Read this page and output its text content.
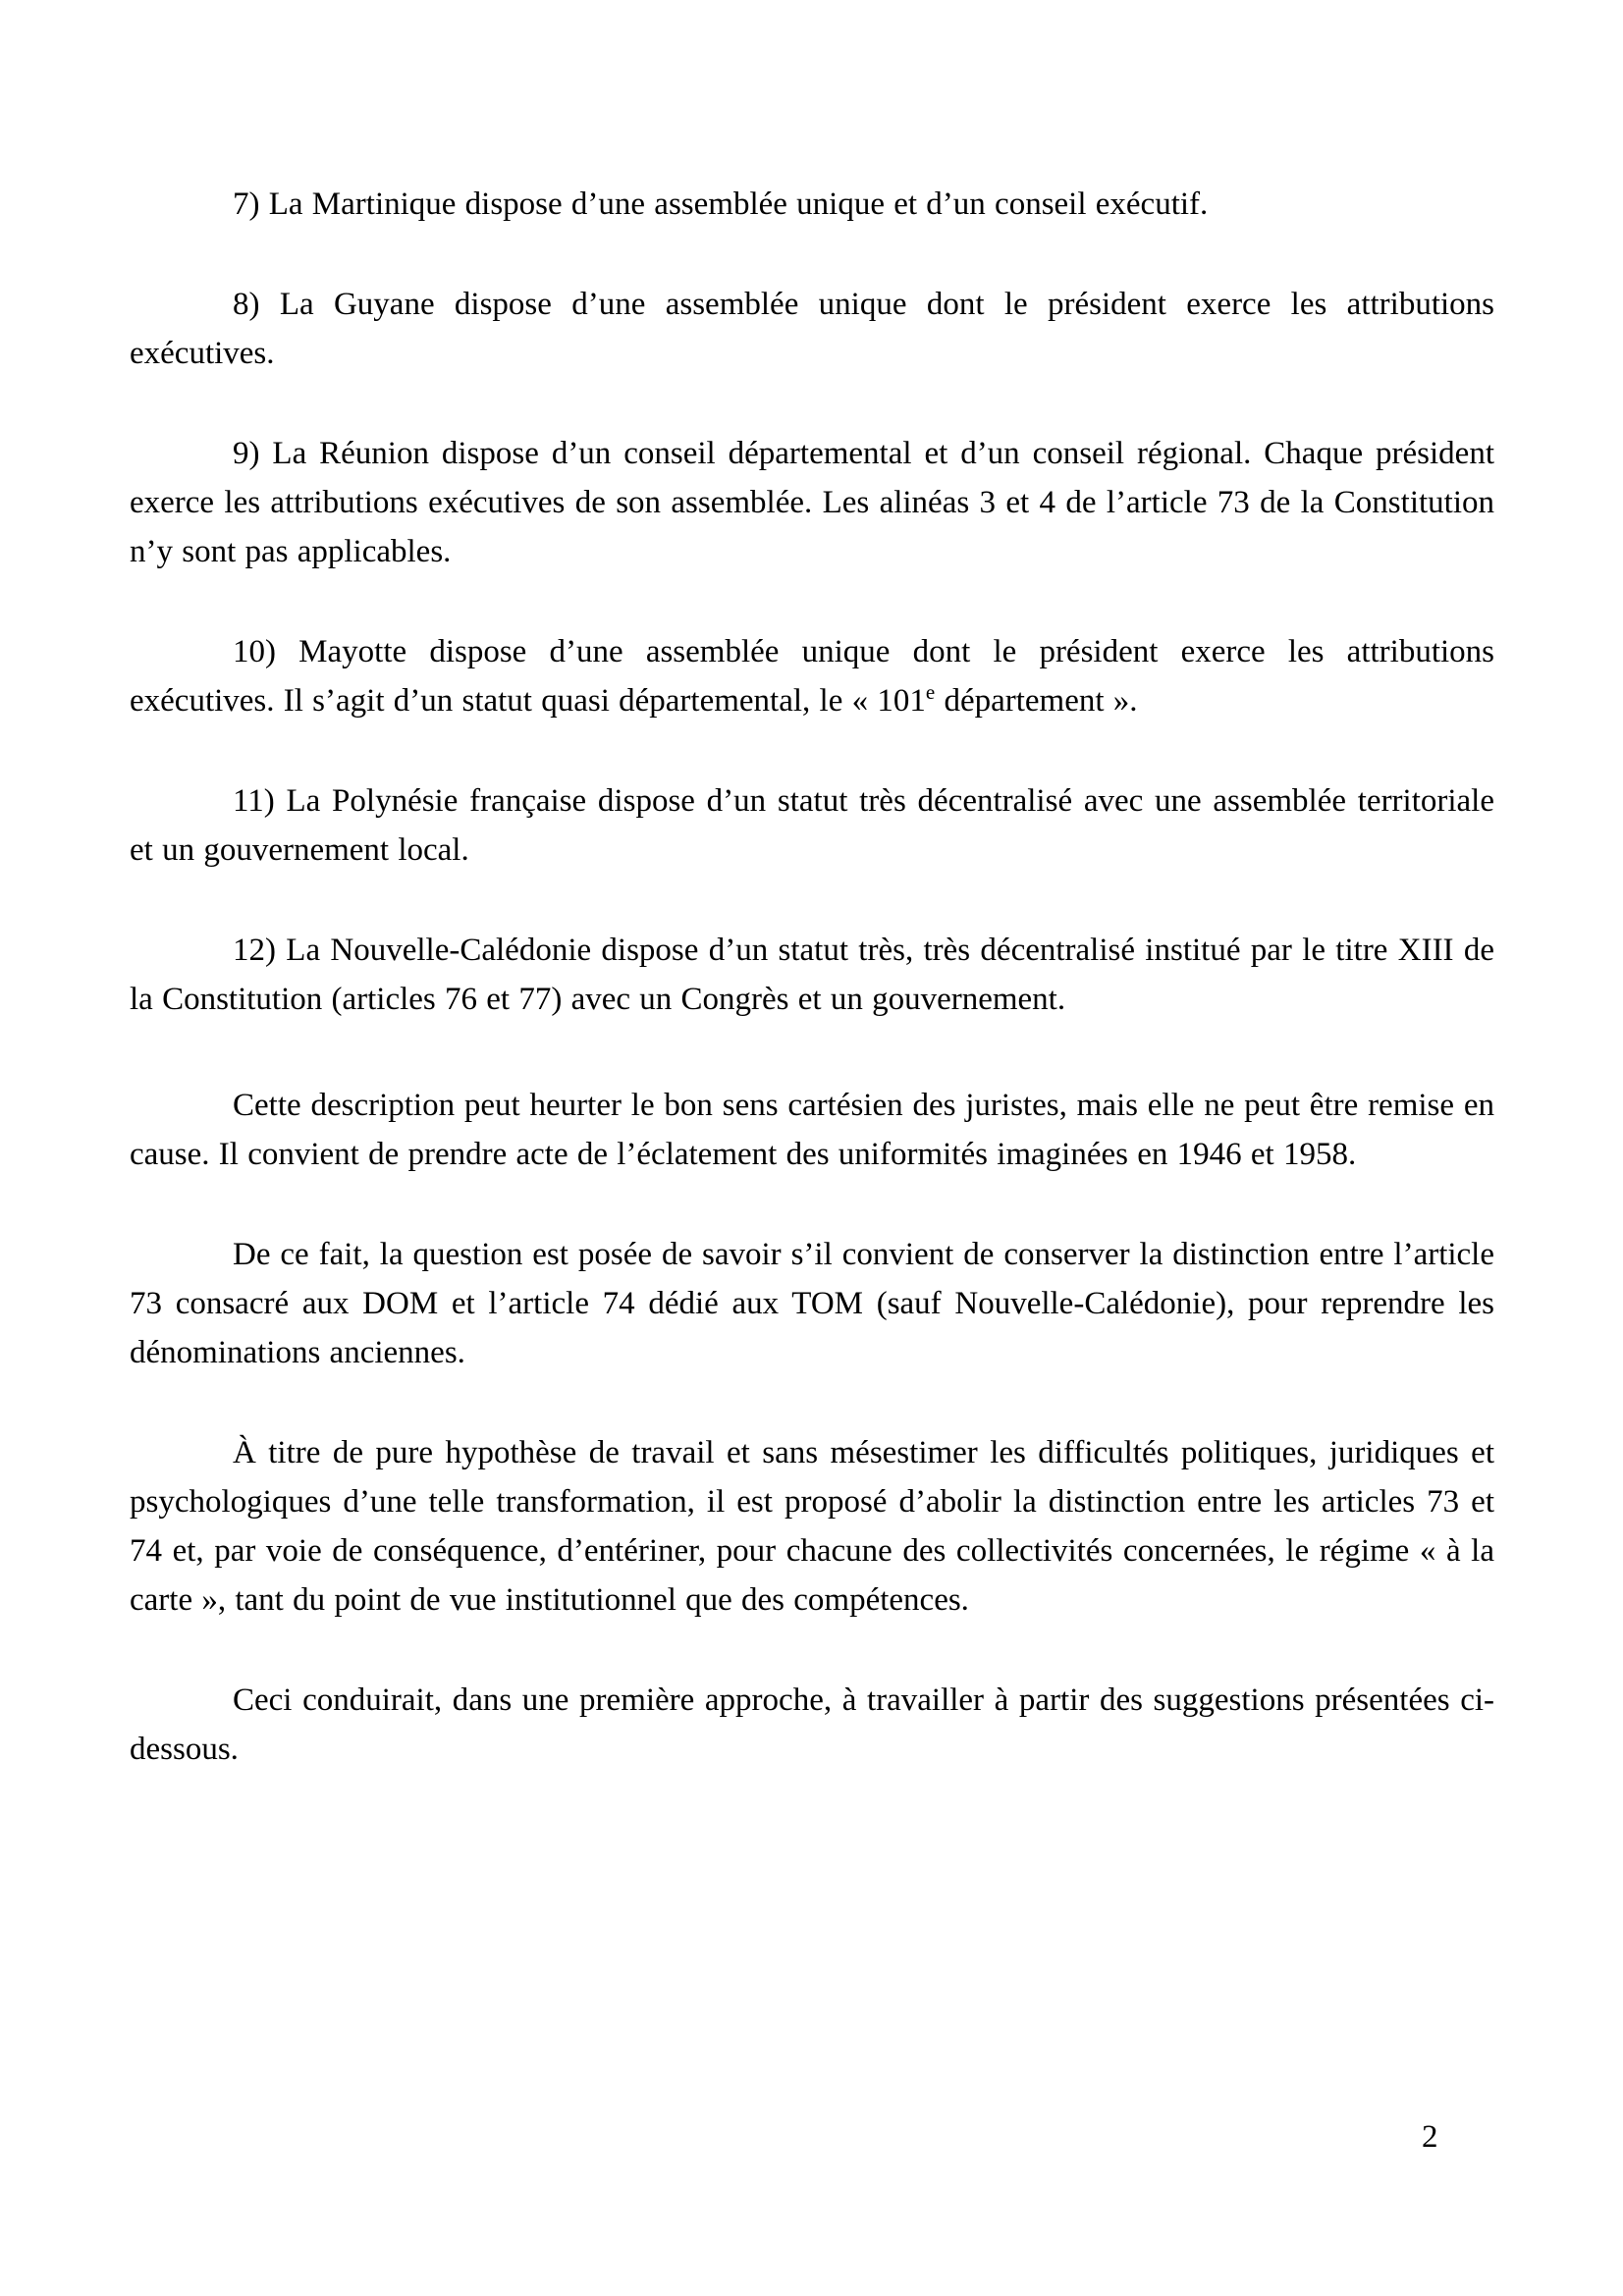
7) La Martinique dispose d’une assemblée unique et d’un conseil exécutif.

8) La Guyane dispose d’une assemblée unique dont le président exerce les attributions exécutives.

9) La Réunion dispose d’un conseil départemental et d’un conseil régional. Chaque président exerce les attributions exécutives de son assemblée. Les alinéas 3 et 4 de l’article 73 de la Constitution n’y sont pas applicables.

10) Mayotte dispose d’une assemblée unique dont le président exerce les attributions exécutives. Il s’agit d’un statut quasi départemental, le « 101e département ».

11) La Polynésie française dispose d’un statut très décentralisé avec une assemblée territoriale et un gouvernement local.

12) La Nouvelle-Calédonie dispose d’un statut très, très décentralisé institué par le titre XIII de la Constitution (articles 76 et 77) avec un Congrès et un gouvernement.

Cette description peut heurter le bon sens cartésien des juristes, mais elle ne peut être remise en cause. Il convient de prendre acte de l’éclatement des uniformités imaginées en 1946 et 1958.

De ce fait, la question est posée de savoir s’il convient de conserver la distinction entre l’article 73 consacré aux DOM et l’article 74 dédié aux TOM (sauf Nouvelle-Calédonie), pour reprendre les dénominations anciennes.

À titre de pure hypothèse de travail et sans mésestimer les difficultés politiques, juridiques et psychologiques d’une telle transformation, il est proposé d’abolir la distinction entre les articles 73 et 74 et, par voie de conséquence, d’entériner, pour chacune des collectivités concernées, le régime « à la carte », tant du point de vue institutionnel que des compétences.

Ceci conduirait, dans une première approche, à travailler à partir des suggestions présentées ci-dessous.

2
